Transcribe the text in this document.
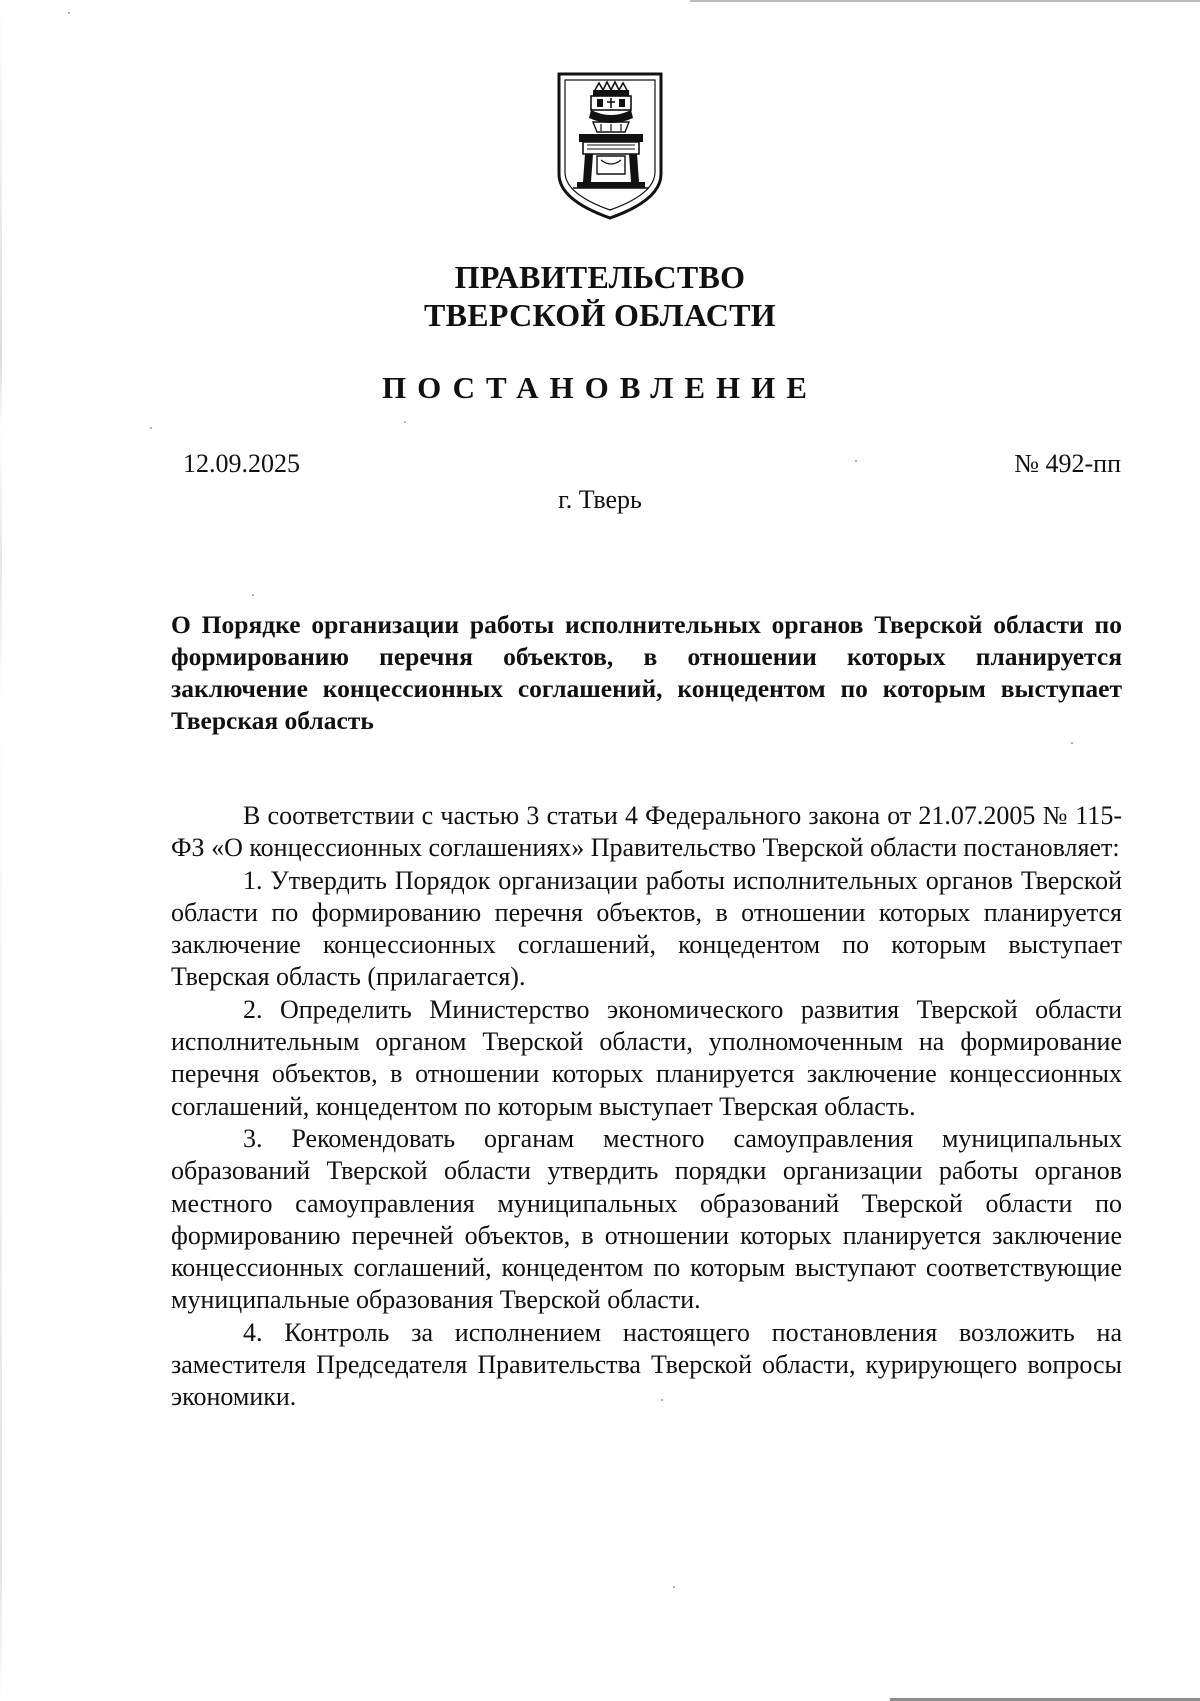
ПРАВИТЕЛЬСТВО
ТВЕРСКОЙ ОБЛАСТИ
ПОСТАНОВЛЕНИЕ
12.09.2025	№ 492-пп
г. Тверь
О Порядке организации работы исполнительных органов Тверской области по формированию перечня объектов, в отношении которых планируется заключение концессионных соглашений, концедентом по которым выступает Тверская область

В соответствии с частью 3 статьи 4 Федерального закона от 21.07.2005 № 115-ФЗ «О концессионных соглашениях» Правительство Тверской области постановляет:

1. Утвердить Порядок организации работы исполнительных органов Тверской области по формированию перечня объектов, в отношении которых планируется заключение концессионных соглашений, концедентом по которым выступает Тверская область (прилагается).

2. Определить Министерство экономического развития Тверской области исполнительным органом Тверской области, уполномоченным на формирование перечня объектов, в отношении которых планируется заключение концессионных соглашений, концедентом по которым выступает Тверская область.

3. Рекомендовать органам местного самоуправления муниципальных образований Тверской области утвердить порядки организации работы органов местного самоуправления муниципальных образований Тверской области по формированию перечней объектов, в отношении которых планируется заключение концессионных соглашений, концедентом по которым выступают соответствующие муниципальные образования Тверской области.

4. Контроль за исполнением настоящего постановления возложить на заместителя Председателя Правительства Тверской области, курирующего вопросы экономики.
